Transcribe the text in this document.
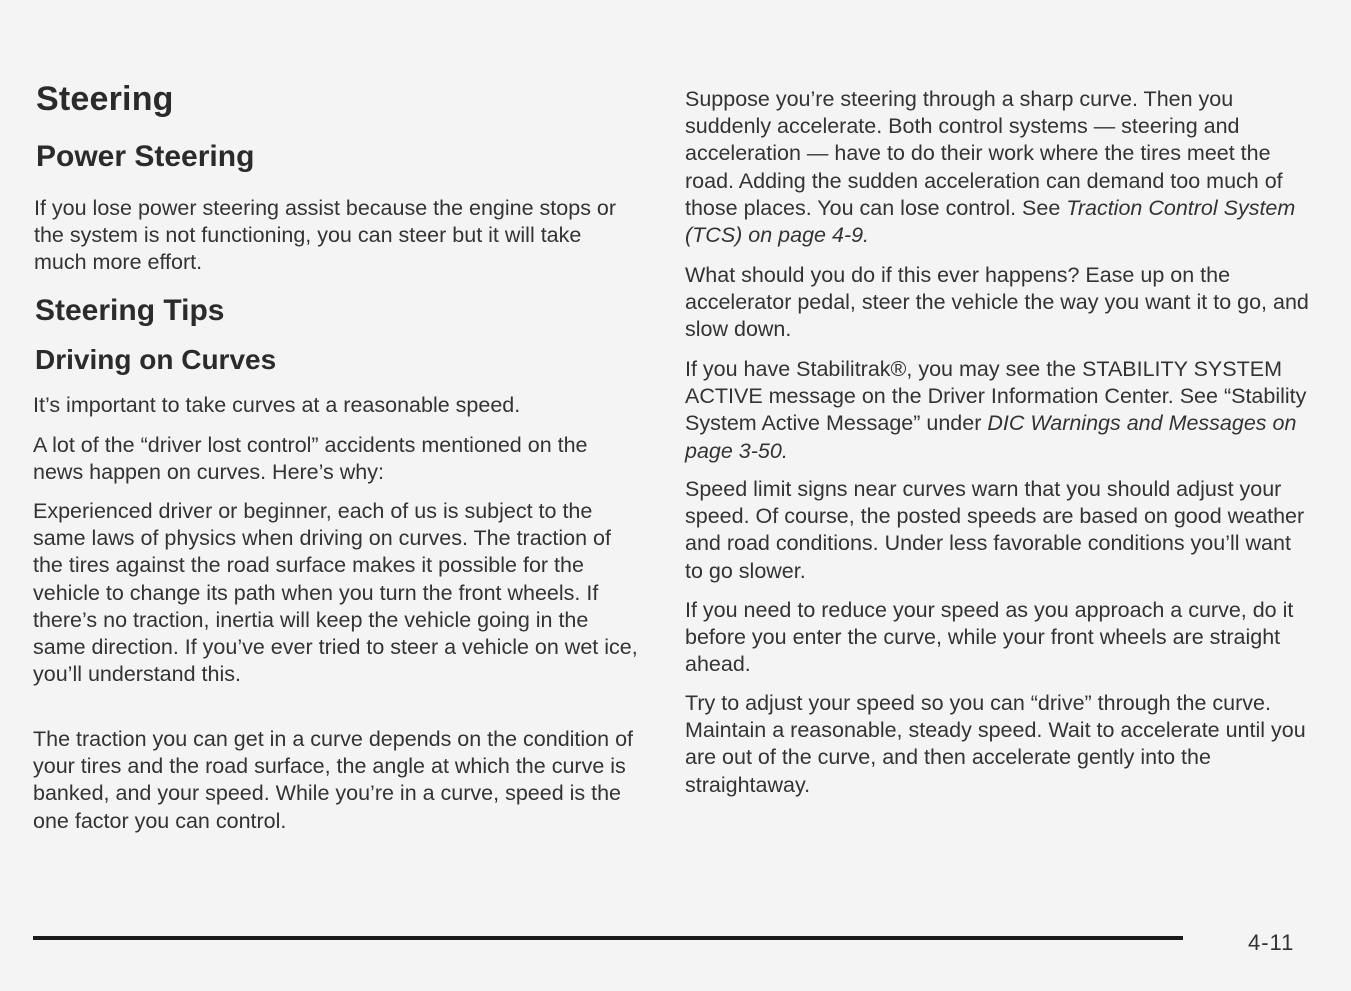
Steering
Power Steering

If you lose power steering assist because the engine stops or the system is not functioning, you can steer but it will take much more effort.

Steering Tips
Driving on Curves

It’s important to take curves at a reasonable speed.

A lot of the “driver lost control” accidents mentioned on the news happen on curves. Here’s why:

Experienced driver or beginner, each of us is subject to the same laws of physics when driving on curves. The traction of the tires against the road surface makes it possible for the vehicle to change its path when you turn the front wheels. If there’s no traction, inertia will keep the vehicle going in the same direction. If you’ve ever tried to steer a vehicle on wet ice, you’ll understand this.

The traction you can get in a curve depends on the condition of your tires and the road surface, the angle at which the curve is banked, and your speed. While you’re in a curve, speed is the one factor you can control.

Suppose you’re steering through a sharp curve. Then you suddenly accelerate. Both control systems — steering and acceleration — have to do their work where the tires meet the road. Adding the sudden acceleration can demand too much of those places. You can lose control. See Traction Control System (TCS) on page 4-9.

What should you do if this ever happens? Ease up on the accelerator pedal, steer the vehicle the way you want it to go, and slow down.

If you have Stabilitrak®, you may see the STABILITY SYSTEM ACTIVE message on the Driver Information Center. See “Stability System Active Message” under DIC Warnings and Messages on page 3-50.

Speed limit signs near curves warn that you should adjust your speed. Of course, the posted speeds are based on good weather and road conditions. Under less favorable conditions you’ll want to go slower.

If you need to reduce your speed as you approach a curve, do it before you enter the curve, while your front wheels are straight ahead.

Try to adjust your speed so you can “drive” through the curve. Maintain a reasonable, steady speed. Wait to accelerate until you are out of the curve, and then accelerate gently into the straightaway.

4-11
